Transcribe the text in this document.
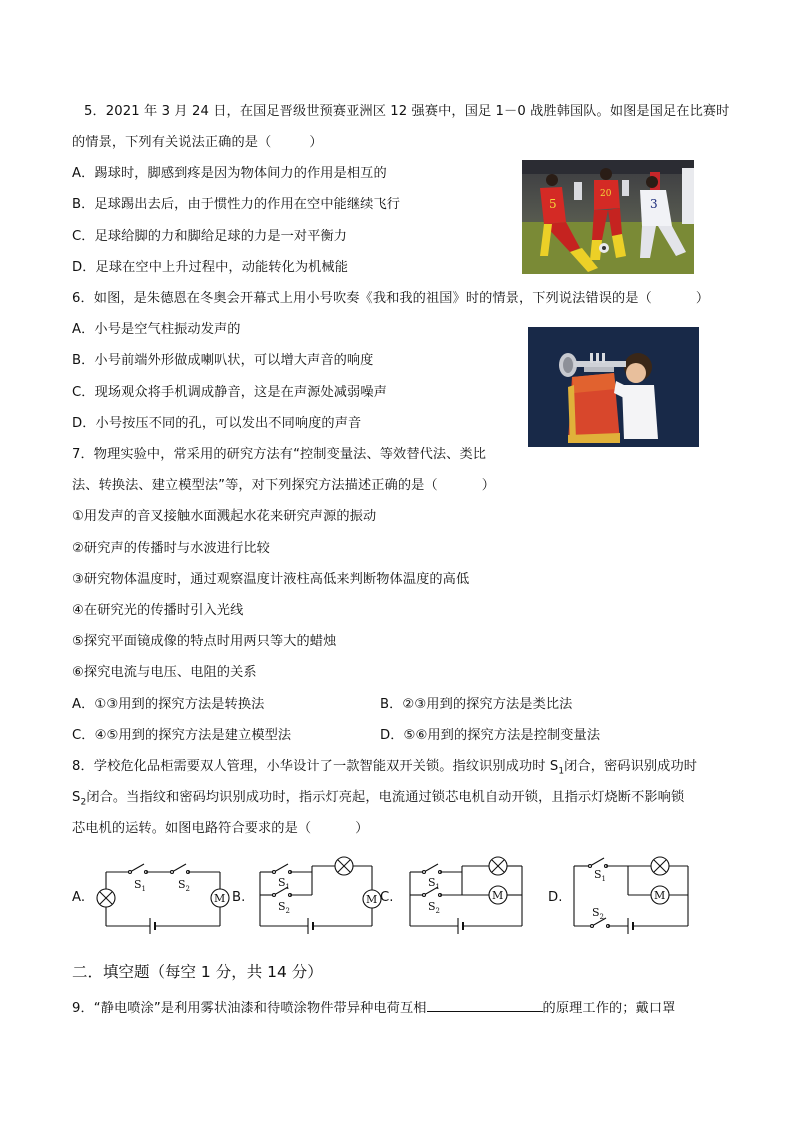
5．2021 年 3 月 24 日，在国足晋级世预赛亚洲区 12 强赛中，国足 1－0 战胜韩国队。如图是国足在比赛时
的情景，下列有关说法正确的是（	）
A．踢球时，脚感到疼是因为物体间力的作用是相互的
B．足球踢出去后，由于惯性力的作用在空中能继续飞行
C．足球给脚的力和脚给足球的力是一对平衡力
D．足球在空中上升过程中，动能转化为机械能
5
20
3
6．如图，是朱德恩在冬奥会开幕式上用小号吹奏《我和我的祖国》时的情景，下列说法错误的是（	）
A．小号是空气柱振动发声的
B．小号前端外形做成喇叭状，可以增大声音的响度
C．现场观众将手机调成静音，这是在声源处减弱噪声
D．小号按压不同的孔，可以发出不同响度的声音
7．物理实验中，常采用的研究方法有“控制变量法、等效替代法、类比
法、转换法、建立模型法”等，对下列探究方法描述正确的是（	）
①用发声的音叉接触水面溅起水花来研究声源的振动
②研究声的传播时与水波进行比较
③研究物体温度时，通过观察温度计液柱高低来判断物体温度的高低
④在研究光的传播时引入光线
⑤探究平面镜成像的特点时用两只等大的蜡烛
⑥探究电流与电压、电阻的关系
A．①③用到的探究方法是转换法	B．②③用到的探究方法是类比法
C．④⑤用到的探究方法是建立模型法	D．⑤⑥用到的探究方法是控制变量法
8．学校危化品柜需要双人管理，小华设计了一款智能双开关锁。指纹识别成功时 $S_1$闭合，密码识别成功时
$S_2$闭合。当指纹和密码均识别成功时，指示灯亮起，电流通过锁芯电机自动开锁，且指示灯烧断不影响锁
芯电机的运转。如图电路符合要求的是（	）
A.
$S_1$	$S_2$
M B.
$S_1$
$S_2$
M C.
$S_1$
$S_2$
M	D.
$S_1$
$S_2$
M
二．填空题（每空 1 分，共 14 分）
9．“静电喷涂”是利用雾状油漆和待喷涂物件带异种电荷互相	的原理工作的；戴口罩
